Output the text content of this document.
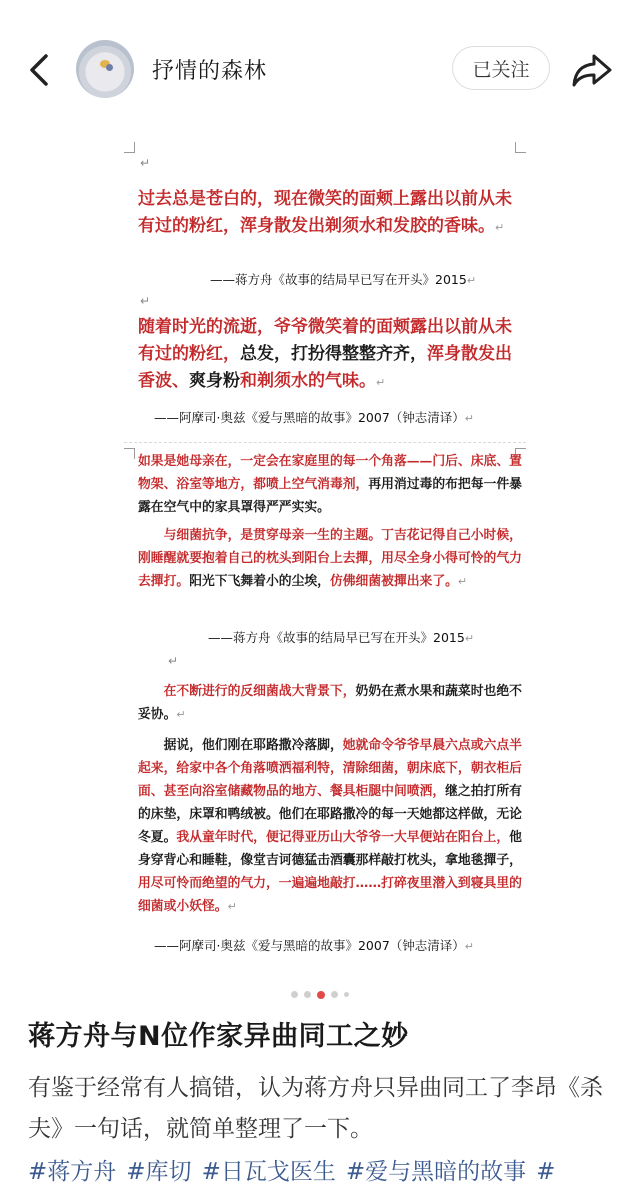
抒情的森林	已关注
↵
过去总是苍白的，现在微笑的面颊上露出以前从未有过的粉红，浑身散发出剃须水和发胶的香味。↵
——蒋方舟《故事的结局早已写在开头》2015↵
↵
随着时光的流逝，爷爷微笑着的面颊露出以前从未有过的粉红，总发，打扮得整整齐齐，浑身散发出香波、爽身粉和剃须水的气味。↵
——阿摩司·奥兹《爱与黑暗的故事》2007（钟志清译）↵
如果是她母亲在，一定会在家庭里的每一个角落——门后、床底、置物架、浴室等地方，都喷上空气消毒剂，再用消过毒的布把每一件暴露在空气中的家具罩得严严实实。
与细菌抗争，是贯穿母亲一生的主题。丁吉花记得自己小时候，刚睡醒就要抱着自己的枕头到阳台上去撣，用尽全身小得可怜的气力去撣打。阳光下飞舞着小的尘埃，仿佛细菌被撣出来了。↵
——蒋方舟《故事的结局早已写在开头》2015↵
↵
在不断进行的反细菌战大背景下，奶奶在煮水果和蔬菜时也绝不妥协。↵
据说，他们刚在耶路撒冷落脚，她就命令爷爷早晨六点或六点半起来，给家中各个角落喷洒福利特，清除细菌，朝床底下，朝衣柜后面、甚至向浴室储藏物品的地方、餐具柜腿中间喷洒，继之拍打所有的床垫，床罩和鸭绒被。他们在耶路撒冷的每一天她都这样做，无论冬夏。我从童年时代，便记得亚历山大爷爷一大早便站在阳台上，他身穿背心和睡鞋，像堂吉诃德猛击酒囊那样敲打枕头，拿地毯撣子，用尽可怜而绝望的气力，一遍遍地敲打……打碎夜里潜入到寝具里的细菌或小妖怪。↵
——阿摩司·奥兹《爱与黑暗的故事》2007（钟志清译）↵
蒋方舟与N位作家异曲同工之妙
有鉴于经常有人搞错，认为蒋方舟只异曲同工了李昂《杀夫》一句话，就简单整理了一下。
#蒋方舟 #库切 #日瓦戈医生 #爱与黑暗的故事 #
